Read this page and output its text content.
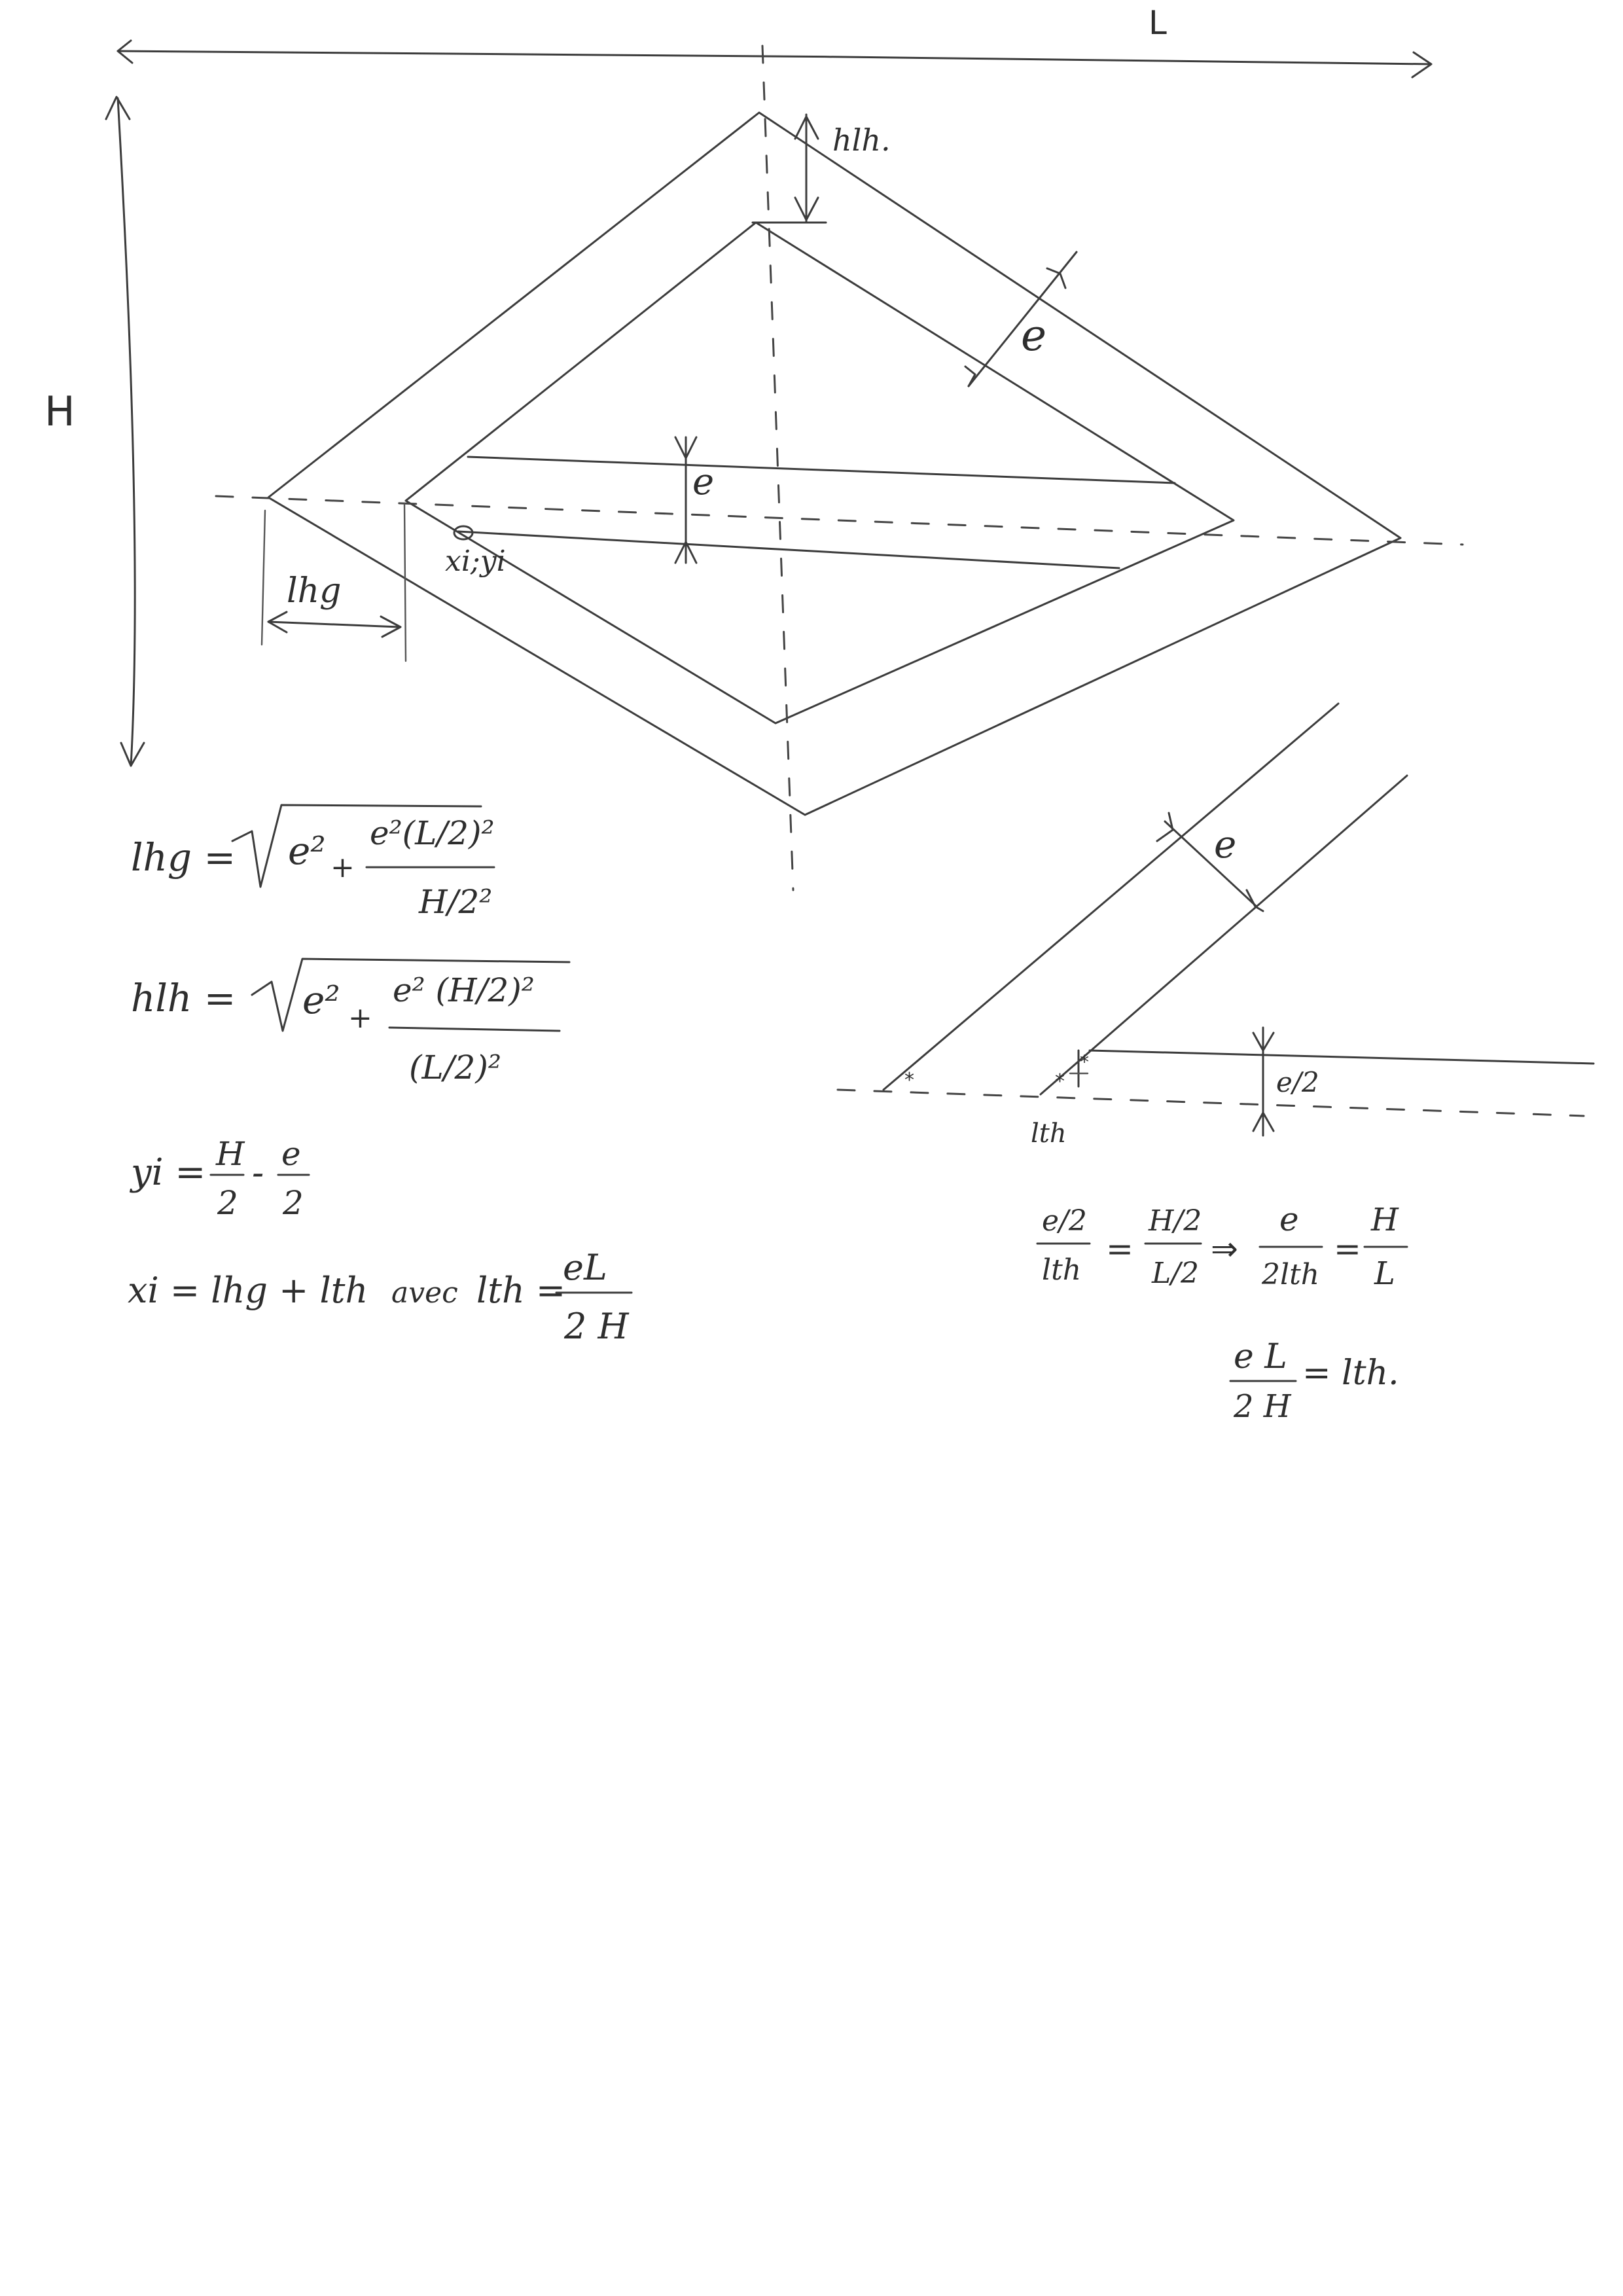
L
H
e
hlh.
e
xi;yi
lhg
*	*
*
e
e/2
lth
lhg = e² +
e²(L/2)²
H/2²
hlh = e² +
e² (H/2)²
(L/2)²
yi = H
2
- e
2
xi = lhg + lth avec lth =
eL
2 H
e/2
lth
=
H/2
L/2
⇒
e
2lth
=
H
L
e L
2 H
= lth.
